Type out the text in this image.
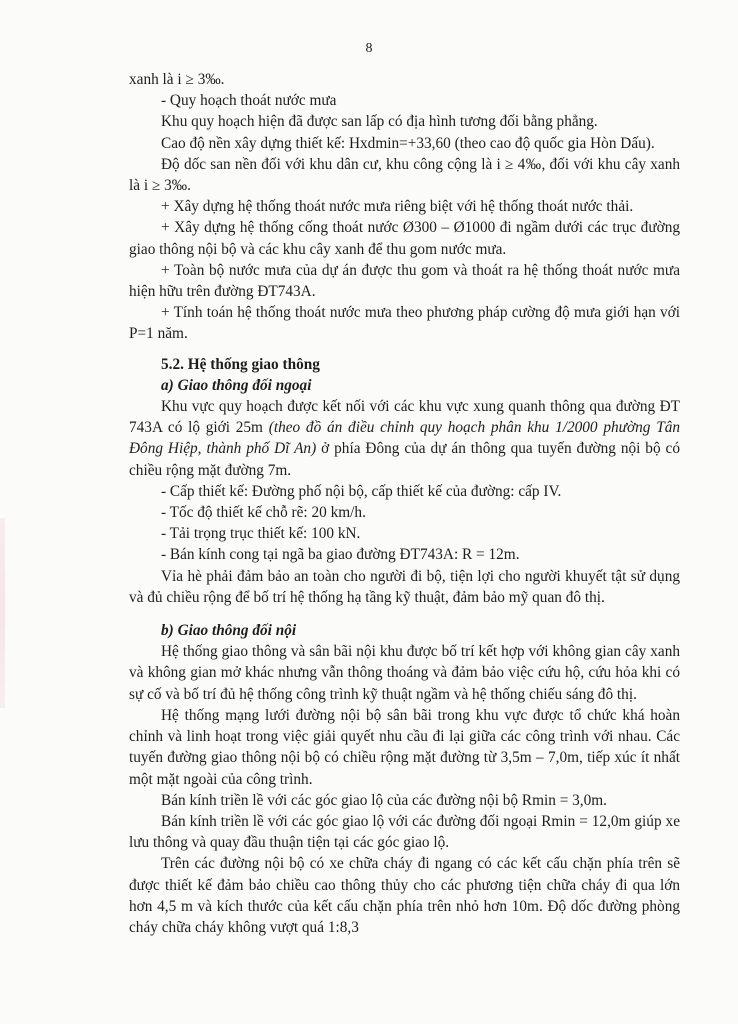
8

xanh là i ≥ 3‰.

- Quy hoạch thoát nước mưa

Khu quy hoạch hiện đã được san lấp có địa hình tương đối bằng phẳng.

Cao độ nền xây dựng thiết kế: Hxdmin=+33,60 (theo cao độ quốc gia Hòn Dấu).

Độ dốc san nền đối với khu dân cư, khu công cộng là i ≥ 4‰, đối với khu cây xanh là i ≥ 3‰.

+ Xây dựng hệ thống thoát nước mưa riêng biệt với hệ thống thoát nước thải.

+ Xây dựng hệ thống cống thoát nước Ø300 – Ø1000 đi ngầm dưới các trục đường giao thông nội bộ và các khu cây xanh để thu gom nước mưa.

+ Toàn bộ nước mưa của dự án được thu gom và thoát ra hệ thống thoát nước mưa hiện hữu trên đường ĐT743A.

+ Tính toán hệ thống thoát nước mưa theo phương pháp cường độ mưa giới hạn với P=1 năm.

5.2. Hệ thống giao thông

a) Giao thông đối ngoại

Khu vực quy hoạch được kết nối với các khu vực xung quanh thông qua đường ĐT 743A có lộ giới 25m (theo đồ án điều chỉnh quy hoạch phân khu 1/2000 phường Tân Đông Hiệp, thành phố Dĩ An) ở phía Đông của dự án thông qua tuyến đường nội bộ có chiều rộng mặt đường 7m.

- Cấp thiết kế: Đường phố nội bộ, cấp thiết kế của đường: cấp IV.

- Tốc độ thiết kế chỗ rẽ: 20 km/h.

- Tải trọng trục thiết kế: 100 kN.

- Bán kính cong tại ngã ba giao đường ĐT743A: R = 12m.

Vỉa hè phải đảm bảo an toàn cho người đi bộ, tiện lợi cho người khuyết tật sử dụng và đủ chiều rộng để bố trí hệ thống hạ tầng kỹ thuật, đảm bảo mỹ quan đô thị.

b) Giao thông đối nội

Hệ thống giao thông và sân bãi nội khu được bố trí kết hợp với không gian cây xanh và không gian mở khác nhưng vẫn thông thoáng và đảm bảo việc cứu hộ, cứu hỏa khi có sự cố và bố trí đủ hệ thống công trình kỹ thuật ngầm và hệ thống chiếu sáng đô thị.

Hệ thống mạng lưới đường nội bộ sân bãi trong khu vực được tổ chức khá hoàn chỉnh và linh hoạt trong việc giải quyết nhu cầu đi lại giữa các công trình với nhau. Các tuyến đường giao thông nội bộ có chiều rộng mặt đường từ 3,5m – 7,0m, tiếp xúc ít nhất một mặt ngoài của công trình.

Bán kính triền lề với các góc giao lộ của các đường nội bộ Rmin = 3,0m.

Bán kính triền lề với các góc giao lộ với các đường đối ngoại Rmin = 12,0m giúp xe lưu thông và quay đầu thuận tiện tại các góc giao lộ.

Trên các đường nội bộ có xe chữa cháy đi ngang có các kết cấu chặn phía trên sẽ được thiết kế đảm bảo chiều cao thông thủy cho các phương tiện chữa cháy đi qua lớn hơn 4,5 m và kích thước của kết cấu chặn phía trên nhỏ hơn 10m. Độ dốc đường phòng cháy chữa cháy không vượt quá 1:8,3
